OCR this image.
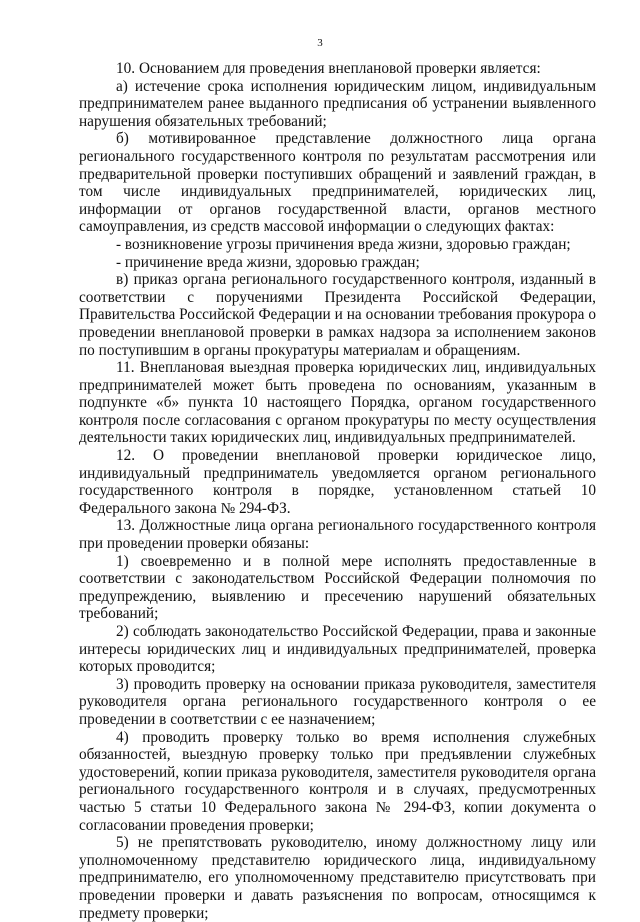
3

10. Основанием для проведения внеплановой проверки является:

а) истечение срока исполнения юридическим лицом, индивидуальным предпринимателем ранее выданного предписания об устранении выявленного нарушения обязательных требований;

б) мотивированное представление должностного лица органа регионального государственного контроля по результатам рассмотрения или предварительной проверки поступивших обращений и заявлений граждан, в том числе индивидуальных предпринимателей, юридических лиц, информации от органов государственной власти, органов местного самоуправления, из средств массовой информации о следующих фактах:

- возникновение угрозы причинения вреда жизни, здоровью граждан;

- причинение вреда жизни, здоровью граждан;

в) приказ органа регионального государственного контроля, изданный в соответствии с поручениями Президента Российской Федерации, Правительства Российской Федерации и на основании требования прокурора о проведении внеплановой проверки в рамках надзора за исполнением законов по поступившим в органы прокуратуры материалам и обращениям.

11. Внеплановая выездная проверка юридических лиц, индивидуальных предпринимателей может быть проведена по основаниям, указанным в подпункте «б» пункта 10 настоящего Порядка, органом государственного контроля после согласования с органом прокуратуры по месту осуществления деятельности таких юридических лиц, индивидуальных предпринимателей.

12. О проведении внеплановой проверки юридическое лицо, индивидуальный предприниматель уведомляется органом регионального государственного контроля в порядке, установленном статьей 10 Федерального закона № 294-ФЗ.

13. Должностные лица органа регионального государственного контроля при проведении проверки обязаны:

1) своевременно и в полной мере исполнять предоставленные в соответствии с законодательством Российской Федерации полномочия по предупреждению, выявлению и пресечению нарушений обязательных требований;

2) соблюдать законодательство Российской Федерации, права и законные интересы юридических лиц и индивидуальных предпринимателей, проверка которых проводится;

3) проводить проверку на основании приказа руководителя, заместителя руководителя органа регионального государственного контроля о ее проведении в соответствии с ее назначением;

4) проводить проверку только во время исполнения служебных обязанностей, выездную проверку только при предъявлении служебных удостоверений, копии приказа руководителя, заместителя руководителя органа регионального государственного контроля и в случаях, предусмотренных частью 5 статьи 10 Федерального закона № 294-ФЗ, копии документа о согласовании проведения проверки;

5) не препятствовать руководителю, иному должностному лицу или уполномоченному представителю юридического лица, индивидуальному предпринимателю, его уполномоченному представителю присутствовать при проведении проверки и давать разъяснения по вопросам, относящимся к предмету проверки;
